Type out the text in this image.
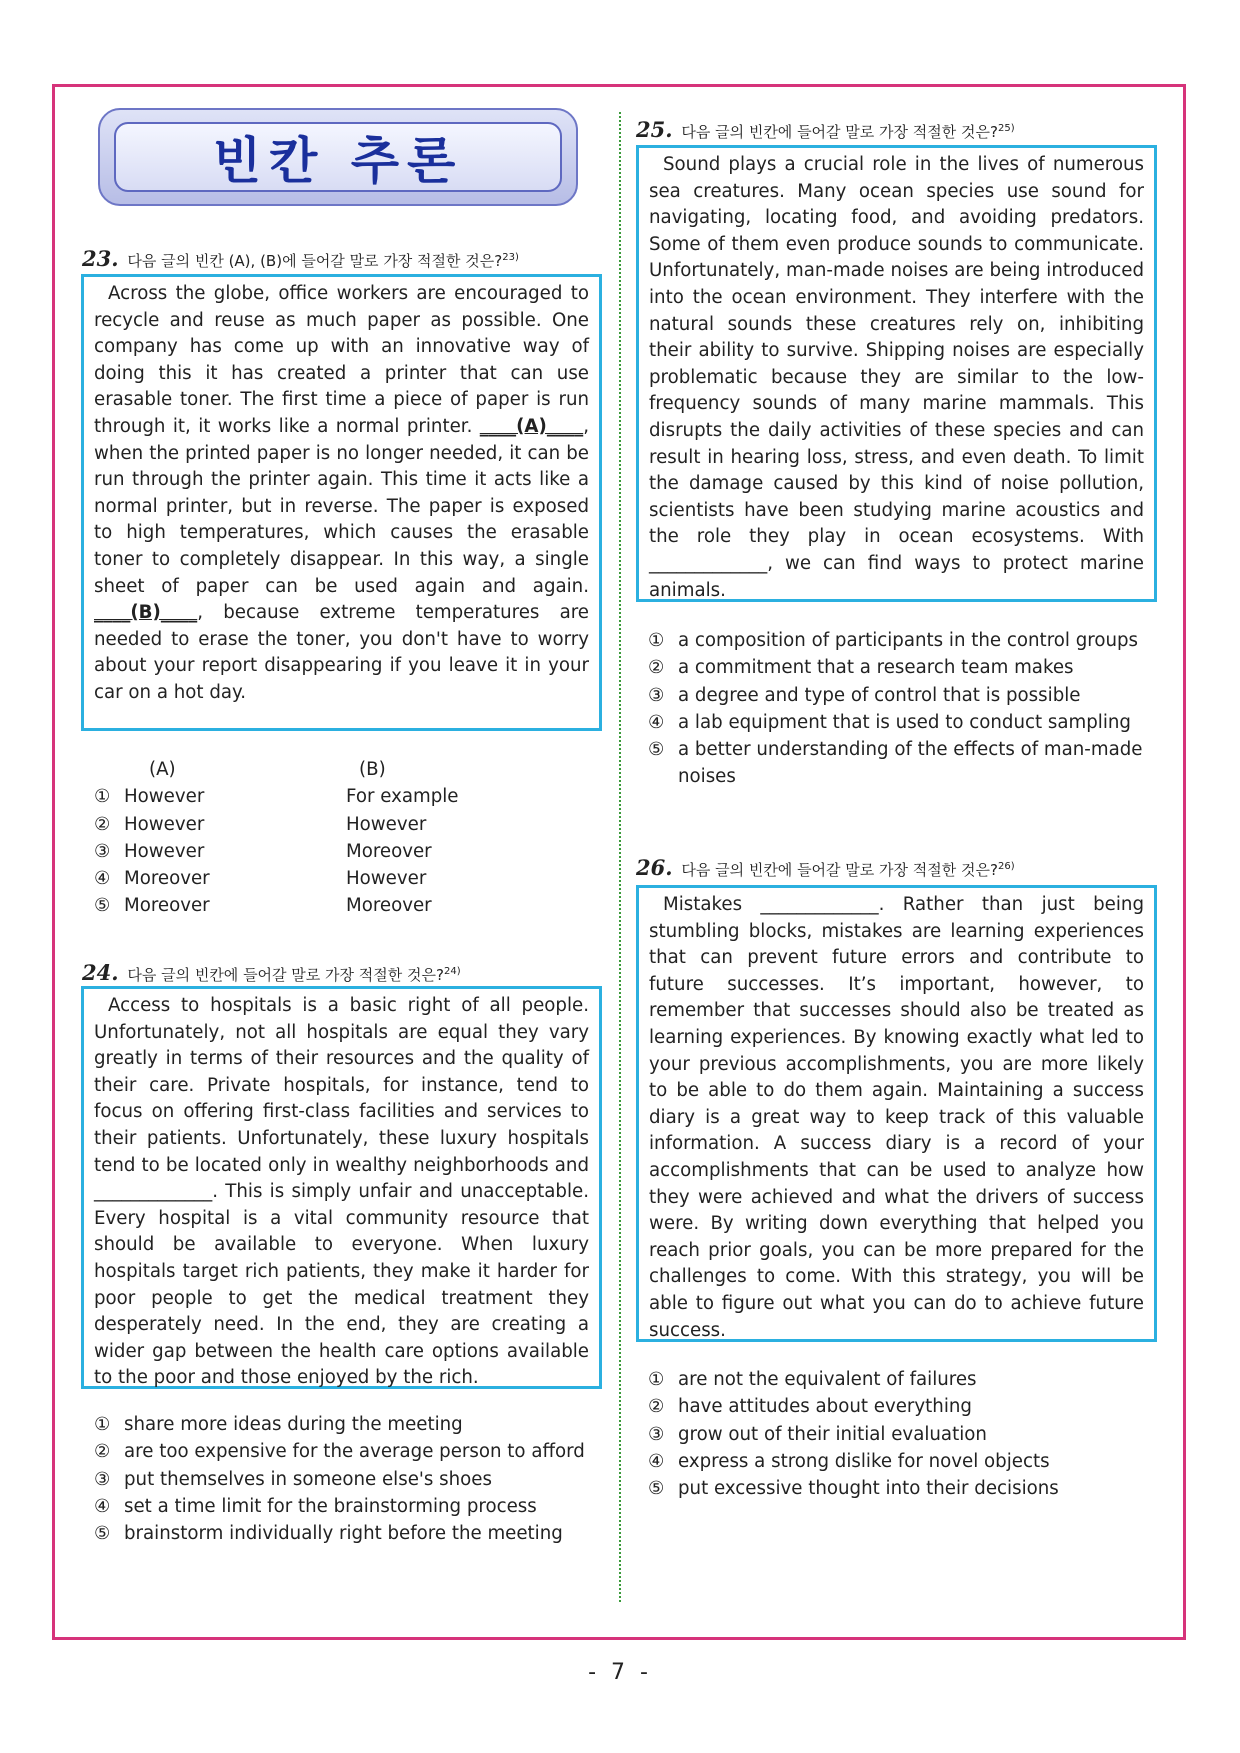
빈칸 추론
23. 다음 글의 빈칸 (A), (B)에 들어갈 말로 가장 적절한 것은?$^{23)}$

Across the globe, office workers are encouraged to recycle and reuse as much paper as possible. One company has come up with an innovative way of doing this it has created a printer that can use erasable toner. The first time a piece of paper is run through it, it works like a normal printer. ____(A)____, when the printed paper is no longer needed, it can be run through the printer again. This time it acts like a normal printer, but in reverse. The paper is exposed to high temperatures, which causes the erasable toner to completely disappear. In this way, a single sheet of paper can be used again and again. ____(B)____, because extreme temperatures are needed to erase the toner, you don't have to worry about your report disappearing if you leave it in your car on a hot day.

(A)	(B)
① However	For example
② However	However
③ However	Moreover
④ Moreover	However
⑤ Moreover	Moreover
24. 다음 글의 빈칸에 들어갈 말로 가장 적절한 것은?$^{24)}$

Access to hospitals is a basic right of all people. Unfortunately, not all hospitals are equal they vary greatly in terms of their resources and the quality of their care. Private hospitals, for instance, tend to focus on offering first-class facilities and services to their patients. Unfortunately, these luxury hospitals tend to be located only in wealthy neighborhoods and _____________. This is simply unfair and unacceptable. Every hospital is a vital community resource that should be available to everyone. When luxury hospitals target rich patients, they make it harder for poor people to get the medical treatment they desperately need. In the end, they are creating a wider gap between the health care options available to the poor and those enjoyed by the rich.

① share more ideas during the meeting
② are too expensive for the average person to afford
③ put themselves in someone else's shoes
④ set a time limit for the brainstorming process
⑤ brainstorm individually right before the meeting
25. 다음 글의 빈칸에 들어갈 말로 가장 적절한 것은?$^{25)}$

Sound plays a crucial role in the lives of numerous sea creatures. Many ocean species use sound for navigating, locating food, and avoiding predators. Some of them even produce sounds to communicate. Unfortunately, man-made noises are being introduced into the ocean environment. They interfere with the natural sounds these creatures rely on, inhibiting their ability to survive. Shipping noises are especially problematic because they are similar to the low-frequency sounds of many marine mammals. This disrupts the daily activities of these species and can result in hearing loss, stress, and even death. To limit the damage caused by this kind of noise pollution, scientists have been studying marine acoustics and the role they play in ocean ecosystems. With _____________, we can find ways to protect marine animals.

① a composition of participants in the control groups
② a commitment that a research team makes
③ a degree and type of control that is possible
④ a lab equipment that is used to conduct sampling
⑤ a better understanding of the effects of man-made noises
26. 다음 글의 빈칸에 들어갈 말로 가장 적절한 것은?$^{26)}$

Mistakes _____________. Rather than just being stumbling blocks, mistakes are learning experiences that can prevent future errors and contribute to future successes. It’s important, however, to remember that successes should also be treated as learning experiences. By knowing exactly what led to your previous accomplishments, you are more likely to be able to do them again. Maintaining a success diary is a great way to keep track of this valuable information. A success diary is a record of your accomplishments that can be used to analyze how they were achieved and what the drivers of success were. By writing down everything that helped you reach prior goals, you can be more prepared for the challenges to come. With this strategy, you will be able to figure out what you can do to achieve future success.

① are not the equivalent of failures
② have attitudes about everything
③ grow out of their initial evaluation
④ express a strong dislike for novel objects
⑤ put excessive thought into their decisions
- 7 -
